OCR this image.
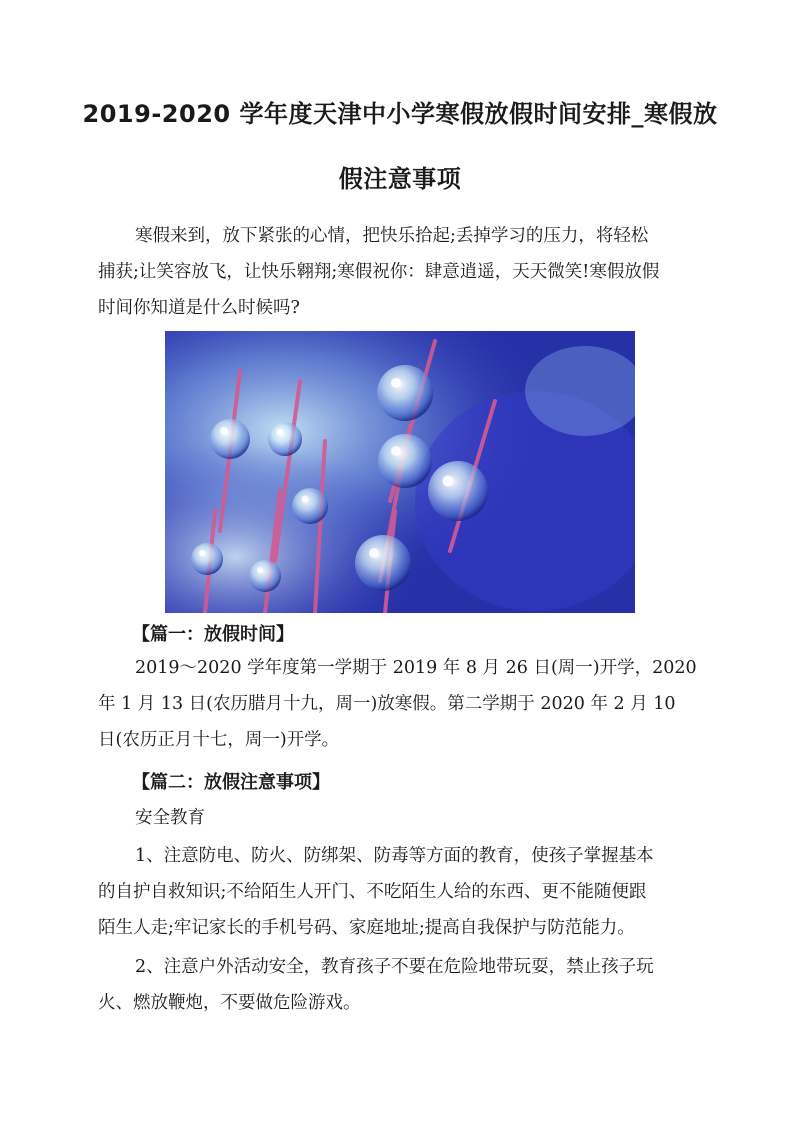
2019-2020 学年度天津中小学寒假放假时间安排_寒假放
假注意事项
寒假来到，放下紧张的心情，把快乐拾起;丢掉学习的压力，将轻松
捕获;让笑容放飞，让快乐翱翔;寒假祝你：肆意逍遥，天天微笑!寒假放假
时间你知道是什么时候吗?
【篇一：放假时间】
2019～2020 学年度第一学期于 2019 年 8 月 26 日(周一)开学，2020
年 1 月 13 日(农历腊月十九，周一)放寒假。第二学期于 2020 年 2 月 10
日(农历正月十七，周一)开学。
【篇二：放假注意事项】
安全教育
1、注意防电、防火、防绑架、防毒等方面的教育，使孩子掌握基本
的自护自救知识;不给陌生人开门、不吃陌生人给的东西、更不能随便跟
陌生人走;牢记家长的手机号码、家庭地址;提高自我保护与防范能力。
2、注意户外活动安全，教育孩子不要在危险地带玩耍，禁止孩子玩
火、燃放鞭炮，不要做危险游戏。
